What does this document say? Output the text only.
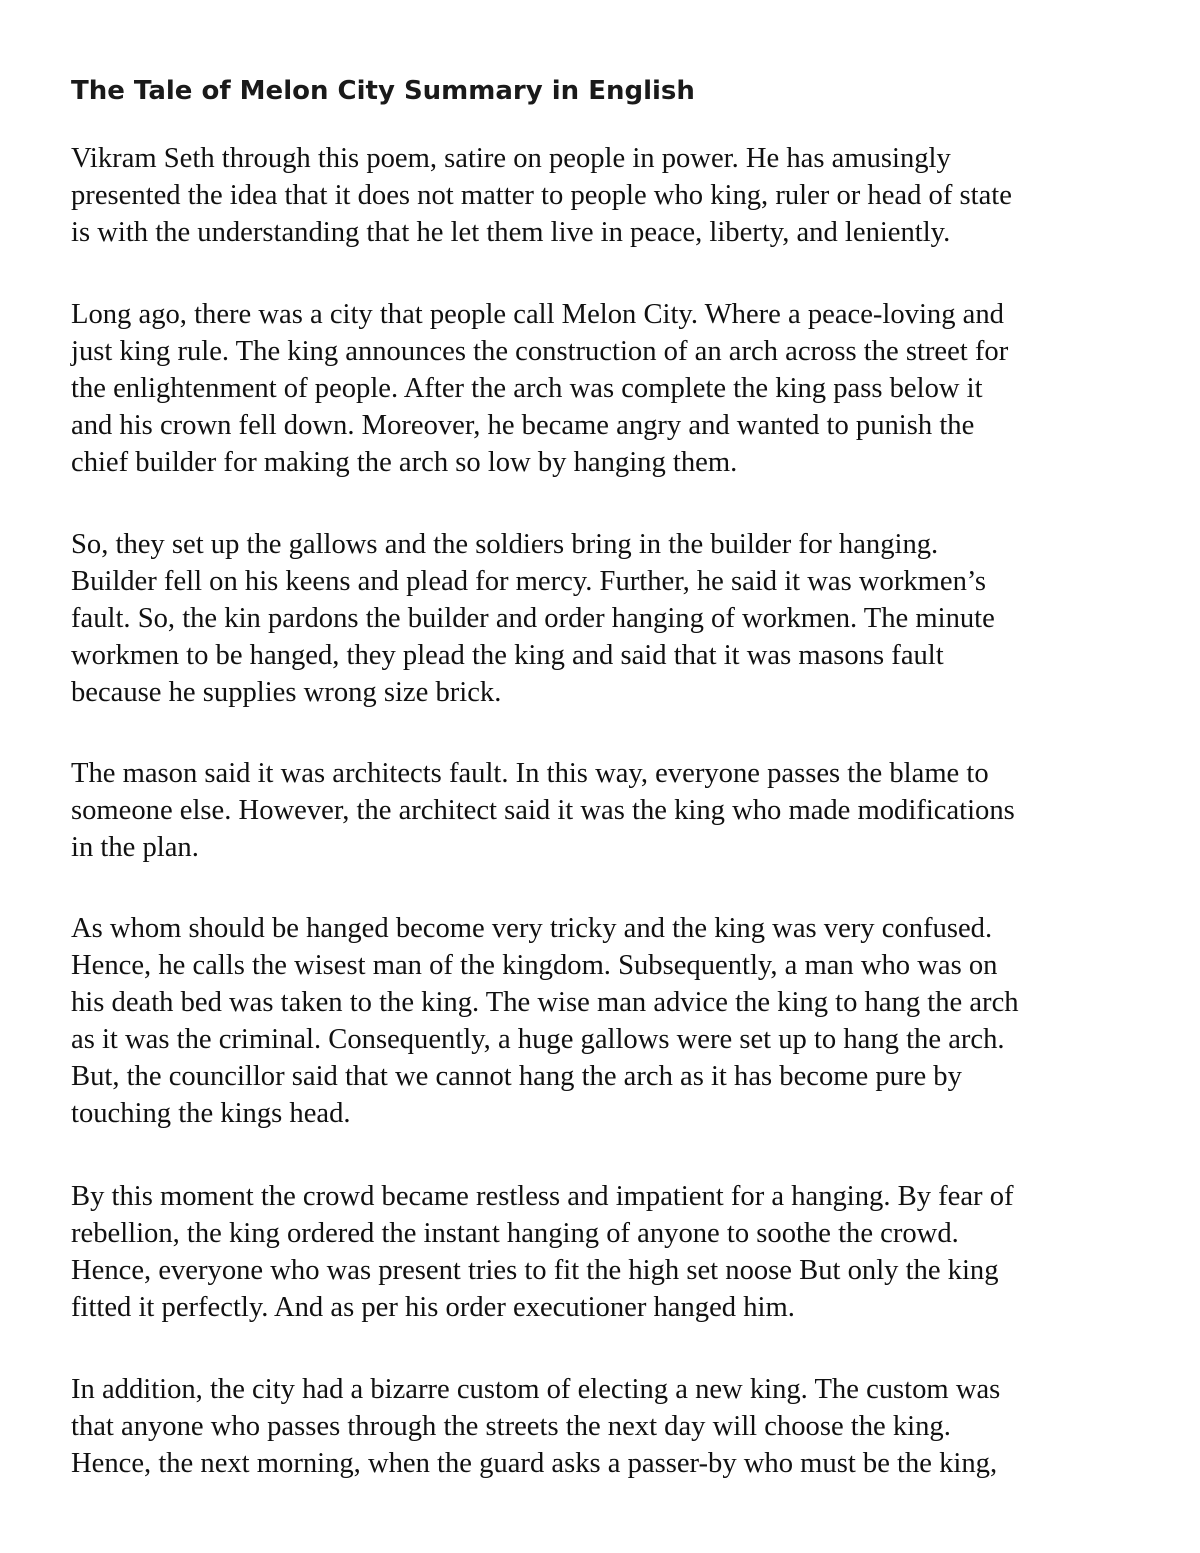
The Tale of Melon City Summary in English

Vikram Seth through this poem, satire on people in power. He has amusingly
presented the idea that it does not matter to people who king, ruler or head of state
is with the understanding that he let them live in peace, liberty, and leniently.

Long ago, there was a city that people call Melon City. Where a peace-loving and
just king rule. The king announces the construction of an arch across the street for
the enlightenment of people. After the arch was complete the king pass below it
and his crown fell down. Moreover, he became angry and wanted to punish the
chief builder for making the arch so low by hanging them.

So, they set up the gallows and the soldiers bring in the builder for hanging.
Builder fell on his keens and plead for mercy. Further, he said it was workmen’s
fault. So, the kin pardons the builder and order hanging of workmen. The minute
workmen to be hanged, they plead the king and said that it was masons fault
because he supplies wrong size brick.

The mason said it was architects fault. In this way, everyone passes the blame to
someone else. However, the architect said it was the king who made modifications
in the plan.

As whom should be hanged become very tricky and the king was very confused.
Hence, he calls the wisest man of the kingdom. Subsequently, a man who was on
his death bed was taken to the king. The wise man advice the king to hang the arch
as it was the criminal. Consequently, a huge gallows were set up to hang the arch.
But, the councillor said that we cannot hang the arch as it has become pure by
touching the kings head.

By this moment the crowd became restless and impatient for a hanging. By fear of
rebellion, the king ordered the instant hanging of anyone to soothe the crowd.
Hence, everyone who was present tries to fit the high set noose But only the king
fitted it perfectly. And as per his order executioner hanged him.

In addition, the city had a bizarre custom of electing a new king. The custom was
that anyone who passes through the streets the next day will choose the king.
Hence, the next morning, when the guard asks a passer-by who must be the king,
